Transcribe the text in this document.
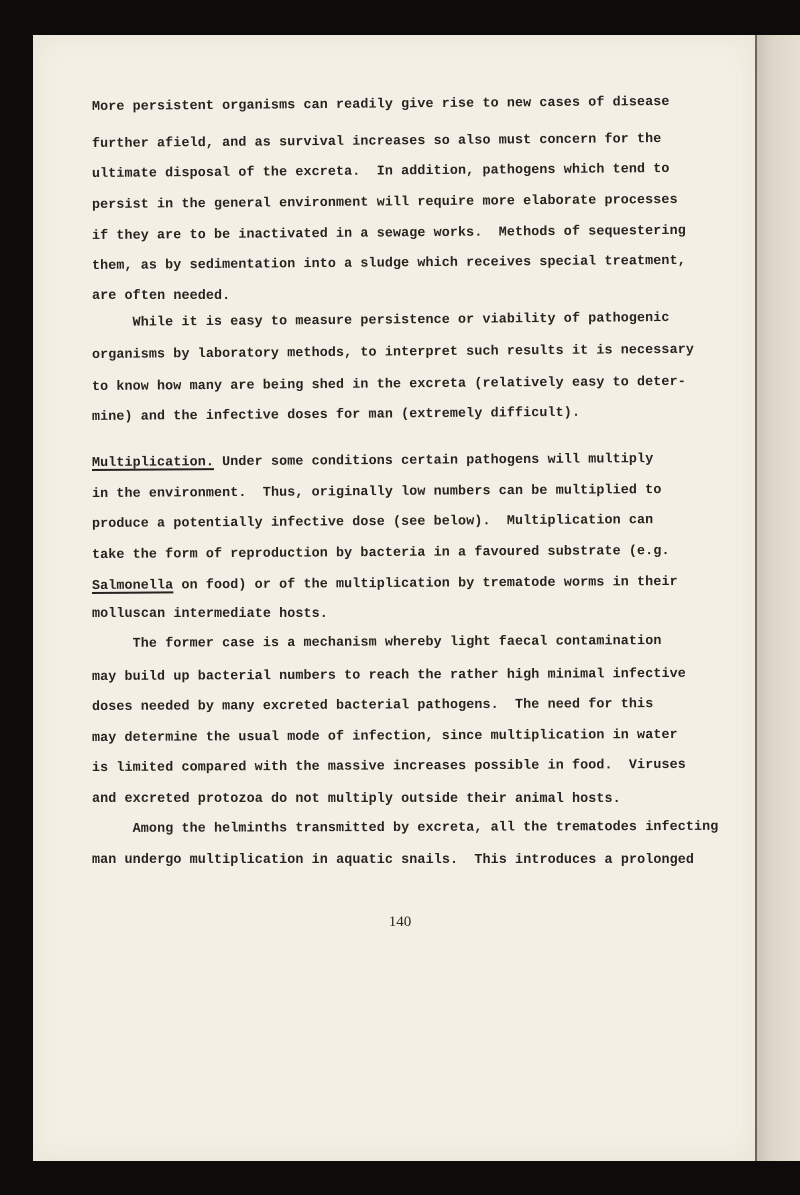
More persistent organisms can readily give rise to new cases of disease
further afield, and as survival increases so also must concern for the
ultimate disposal of the excreta.  In addition, pathogens which tend to
persist in the general environment will require more elaborate processes
if they are to be inactivated in a sewage works.  Methods of sequestering
them, as by sedimentation into a sludge which receives special treatment,
are often needed.
While it is easy to measure persistence or viability of pathogenic
organisms by laboratory methods, to interpret such results it is necessary
to know how many are being shed in the excreta (relatively easy to deter-
mine) and the infective doses for man (extremely difficult).
Multiplication. Under some conditions certain pathogens will multiply
in the environment.  Thus, originally low numbers can be multiplied to
produce a potentially infective dose (see below).  Multiplication can
take the form of reproduction by bacteria in a favoured substrate (e.g.
Salmonella on food) or of the multiplication by trematode worms in their
molluscan intermediate hosts.
The former case is a mechanism whereby light faecal contamination
may build up bacterial numbers to reach the rather high minimal infective
doses needed by many excreted bacterial pathogens.  The need for this
may determine the usual mode of infection, since multiplication in water
is limited compared with the massive increases possible in food.  Viruses
and excreted protozoa do not multiply outside their animal hosts.
Among the helminths transmitted by excreta, all the trematodes infecting
man undergo multiplication in aquatic snails.  This introduces a prolonged
140
